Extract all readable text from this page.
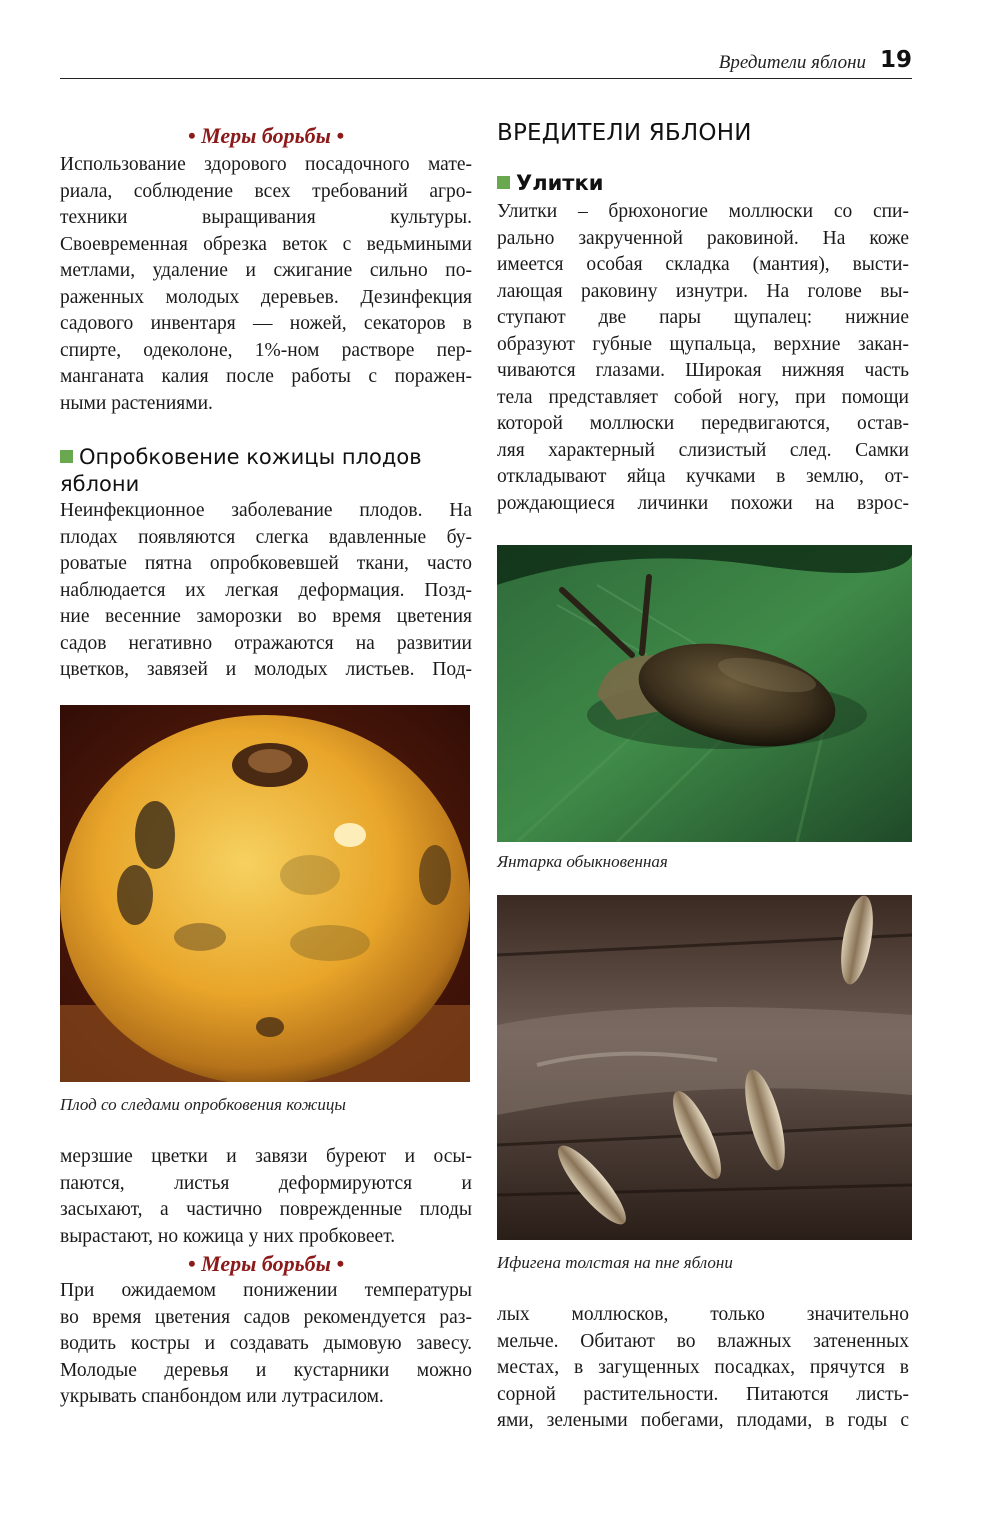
Вредители яблони 19

• Меры борьбы •

Использование здорового посадочного мате-
риала, соблюдение всех требований агро-
техники выращивания культуры.
Своевременная обрезка веток с ведьмиными
метлами, удаление и сжигание сильно по-
раженных молодых деревьев. Дезинфекция
садового инвентаря — ножей, секаторов в
спирте, одеколоне, 1%-ном растворе пер-
манганата калия после работы с поражен-
ными растениями.

Опробковение кожицы плодов
яблони

Неинфекционное заболевание плодов. На
плодах появляются слегка вдавленные бу-
роватые пятна опробковевшей ткани, часто
наблюдается их легкая деформация. Позд-
ние весенние заморозки во время цветения
садов негативно отражаются на развитии
цветков, завязей и молодых листьев. Под-

Плод со следами опробковения кожицы

мерзшие цветки и завязи буреют и осы-
паются, листья деформируются и
засыхают, а частично поврежденные плоды
вырастают, но кожица у них пробковеет.

• Меры борьбы •

При ожидаемом понижении температуры
во время цветения садов рекомендуется раз-
водить костры и создавать дымовую завесу.
Молодые деревья и кустарники можно
укрывать спанбондом или лутрасилом.

ВРЕДИТЕЛИ ЯБЛОНИ

Улитки

Улитки – брюхоногие моллюски со спи-
рально закрученной раковиной. На коже
имеется особая складка (мантия), высти-
лающая раковину изнутри. На голове вы-
ступают две пары щупалец: нижние
образуют губные щупальца, верхние закан-
чиваются глазами. Широкая нижняя часть
тела представляет собой ногу, при помощи
которой моллюски передвигаются, остав-
ляя характерный слизистый след. Самки
откладывают яйца кучками в землю, от-
рождающиеся личинки похожи на взрос-

Янтарка обыкновенная

Ифигена толстая на пне яблони

лых моллюсков, только значительно
мельче. Обитают во влажных затененных
местах, в загущенных посадках, прячутся в
сорной растительности. Питаются листь-
ями, зелеными побегами, плодами, в годы с
